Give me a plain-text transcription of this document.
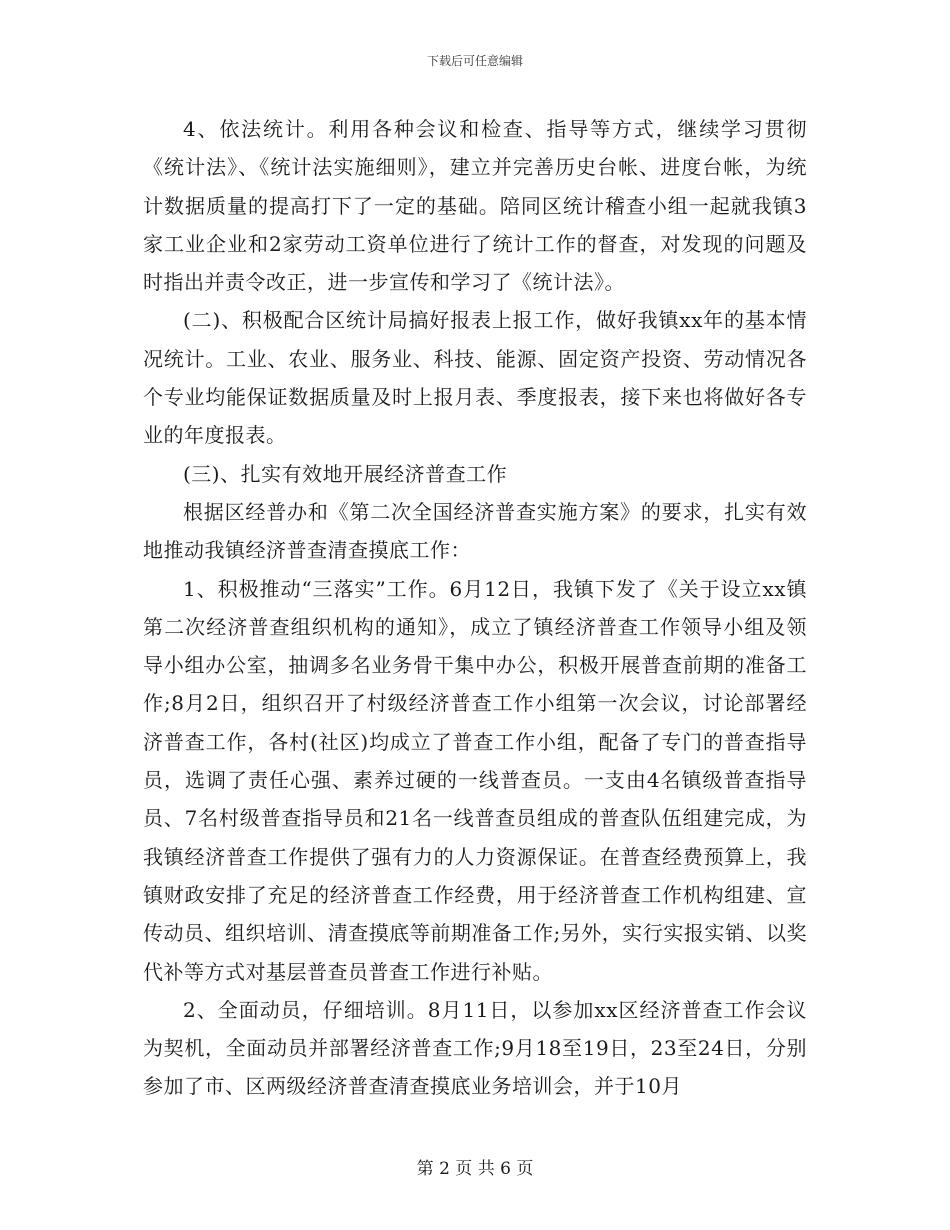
下载后可任意编辑

4、依法统计。利用各种会议和检查、指导等方式，继续学习贯彻《统计法》、《统计法实施细则》，建立并完善历史台帐、进度台帐，为统计数据质量的提高打下了一定的基础。陪同区统计稽查小组一起就我镇3家工业企业和2家劳动工资单位进行了统计工作的督查，对发现的问题及时指出并责令改正，进一步宣传和学习了《统计法》。

(二)、积极配合区统计局搞好报表上报工作，做好我镇xx年的基本情况统计。工业、农业、服务业、科技、能源、固定资产投资、劳动情况各个专业均能保证数据质量及时上报月表、季度报表，接下来也将做好各专业的年度报表。

(三)、扎实有效地开展经济普查工作

根据区经普办和《第二次全国经济普查实施方案》的要求，扎实有效地推动我镇经济普查清查摸底工作：

1、积极推动“三落实”工作。6月12日，我镇下发了《关于设立xx镇第二次经济普查组织机构的通知》，成立了镇经济普查工作领导小组及领导小组办公室，抽调多名业务骨干集中办公，积极开展普查前期的准备工作;8月2日，组织召开了村级经济普查工作小组第一次会议，讨论部署经济普查工作，各村(社区)均成立了普查工作小组，配备了专门的普查指导员，选调了责任心强、素养过硬的一线普查员。一支由4名镇级普查指导员、7名村级普查指导员和21名一线普查员组成的普查队伍组建完成，为我镇经济普查工作提供了强有力的人力资源保证。在普查经费预算上，我镇财政安排了充足的经济普查工作经费，用于经济普查工作机构组建、宣传动员、组织培训、清查摸底等前期准备工作;另外，实行实报实销、以奖代补等方式对基层普查员普查工作进行补贴。

2、全面动员，仔细培训。8月11日，以参加xx区经济普查工作会议为契机，全面动员并部署经济普查工作;9月18至19日，23至24日，分别参加了市、区两级经济普查清查摸底业务培训会，并于10月

第 2 页 共 6 页
